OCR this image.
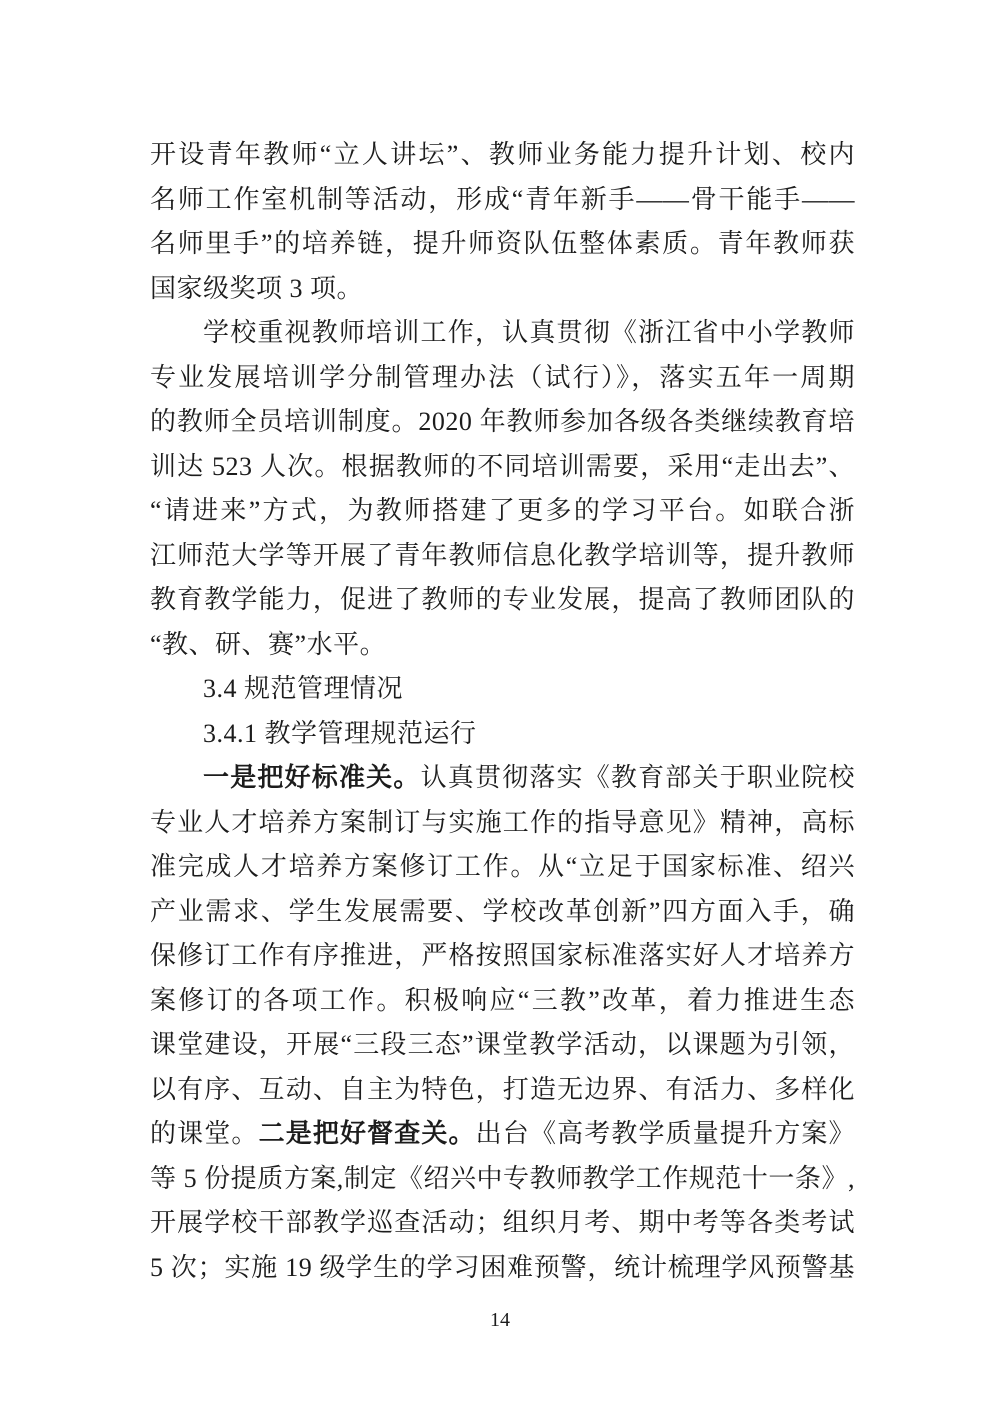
开设青年教师“立人讲坛”、教师业务能力提升计划、校内
名师工作室机制等活动，形成“青年新手——骨干能手——
名师里手”的培养链，提升师资队伍整体素质。青年教师获
国家级奖项 3 项。
学校重视教师培训工作，认真贯彻《浙江省中小学教师
专业发展培训学分制管理办法（试行）》，落实五年一周期
的教师全员培训制度。2020 年教师参加各级各类继续教育培
训达 523 人次。根据教师的不同培训需要，采用“走出去”、
“请进来”方式，为教师搭建了更多的学习平台。如联合浙
江师范大学等开展了青年教师信息化教学培训等，提升教师
教育教学能力，促进了教师的专业发展，提高了教师团队的
“教、研、赛”水平。
3.4 规范管理情况
3.4.1 教学管理规范运行
一是把好标准关。认真贯彻落实《教育部关于职业院校
专业人才培养方案制订与实施工作的指导意见》精神，高标
准完成人才培养方案修订工作。从“立足于国家标准、绍兴
产业需求、学生发展需要、学校改革创新”四方面入手，确
保修订工作有序推进，严格按照国家标准落实好人才培养方
案修订的各项工作。积极响应“三教”改革，着力推进生态
课堂建设，开展“三段三态”课堂教学活动，以课题为引领，
以有序、互动、自主为特色，打造无边界、有活力、多样化
的课堂。二是把好督查关。出台《高考教学质量提升方案》
等 5 份提质方案,制定《绍兴中专教师教学工作规范十一条》,
开展学校干部教学巡查活动；组织月考、期中考等各类考试
5 次；实施 19 级学生的学习困难预警，统计梳理学风预警基
14
